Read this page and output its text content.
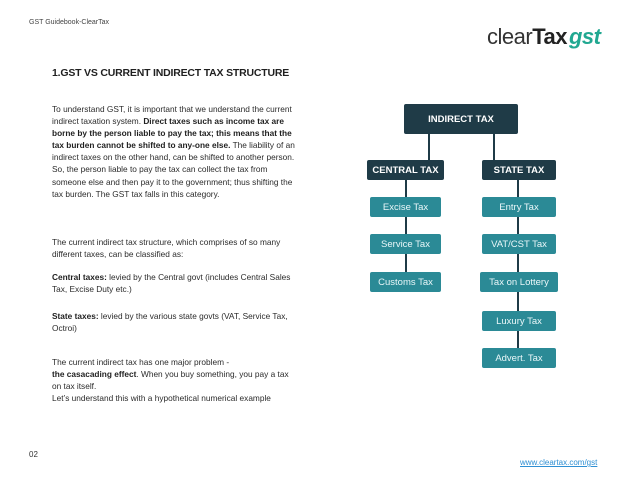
GST Guidebook-ClearTax
clearTaxgst
1.GST VS CURRENT INDIRECT TAX STRUCTURE
To understand GST, it is important that we understand the current indirect taxation system. Direct taxes such as income tax are borne by the person liable to pay the tax; this means that the tax burden cannot be shifted to any-one else. The liability of an indirect taxes on the other hand, can be shifted to another person. So, the person liable to pay the tax can collect the tax from someone else and then pay it to the government; thus shifting the tax burden. The GST tax falls in this category.
The current indirect tax structure, which comprises of so many different taxes, can be classified as:
Central taxes: levied by the Central govt (includes Central Sales Tax, Excise Duty etc.)
State taxes: levied by the various state govts (VAT, Service Tax, Octroi)
The current indirect tax has one major problem -
the casacading effect. When you buy something, you pay a tax on tax itself.
Let’s understand this with a hypothetical numerical example
INDIRECT TAX
CENTRAL TAX	STATE TAX
Excise Tax
Service Tax
Customs Tax
Entry Tax
VAT/CST Tax
Tax on Lottery
Luxury Tax
Advert. Tax
02
www.cleartax.com/gst
